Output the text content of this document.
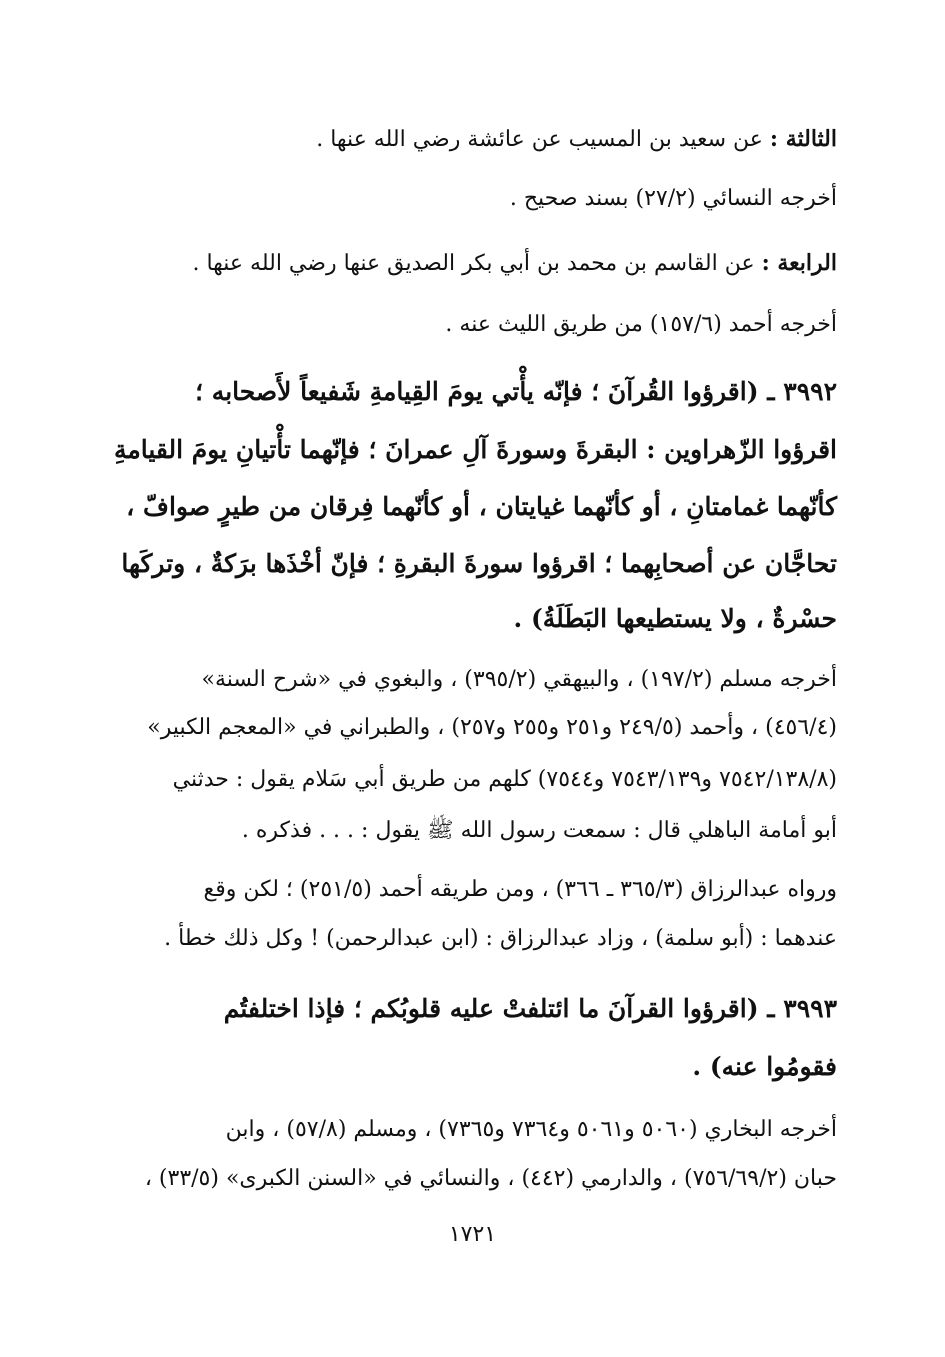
الثالثة : عن سعيد بن المسيب عن عائشة رضي الله عنها .
أخرجه النسائي (٢٧/٢) بسند صحيح .
الرابعة : عن القاسم بن محمد بن أبي بكر الصديق عنها رضي الله عنها .
أخرجه أحمد (١٥٧/٦) من طريق الليث عنه .
٣٩٩٢ ـ (اقرؤوا القُرآنَ ؛ فإنّه يأْتي يومَ القِيامةِ شَفيعاً لأَصحابه ؛
اقرؤوا الزّهراوين : البقرةَ وسورةَ آلِ عمرانَ ؛ فإنّهما تأْتيانِ يومَ القيامةِ
كأنّهما غمامتانِ ، أو كأنّهما غيايتان ، أو كأنّهما فِرقان من طيرٍ صوافّ ،
تحاجَّان عن أصحابِهما ؛ اقرؤوا سورةَ البقرةِ ؛ فإنّ أخْذَها برَكةٌ ، وتركَها
حسْرةٌ ، ولا يستطيعها البَطَلَةُ) .
أخرجه مسلم (١٩٧/٢) ، والبيهقي (٣٩٥/٢) ، والبغوي في «شرح السنة»
(٤٥٦/٤) ، وأحمد (٢٤٩/٥ و٢٥١ و٢٥٥ و٢٥٧) ، والطبراني في «المعجم الكبير»
(٧٥٤٢/١٣٨/٨ و٧٥٤٣/١٣٩ و٧٥٤٤) كلهم من طريق أبي سَلام يقول : حدثني
أبو أمامة الباهلي قال : سمعت رسول الله ﷺ يقول : . . . فذكره .
ورواه عبدالرزاق (٣٦٥/٣ ـ ٣٦٦) ، ومن طريقه أحمد (٢٥١/٥) ؛ لكن وقع
عندهما : (أبو سلمة) ، وزاد عبدالرزاق : (ابن عبدالرحمن) ! وكل ذلك خطأ .
٣٩٩٣ ـ (اقرؤوا القرآنَ ما ائتلفتْ عليه قلوبُكم ؛ فإذا اختلفتُم
فقومُوا عنه) .
أخرجه البخاري (٥٠٦٠ و٥٠٦١ و٧٣٦٤ و٧٣٦٥) ، ومسلم (٥٧/٨) ، وابن
حبان (٧٥٦/٦٩/٢) ، والدارمي (٤٤٢) ، والنسائي في «السنن الكبرى» (٣٣/٥) ،
١٧٢١
